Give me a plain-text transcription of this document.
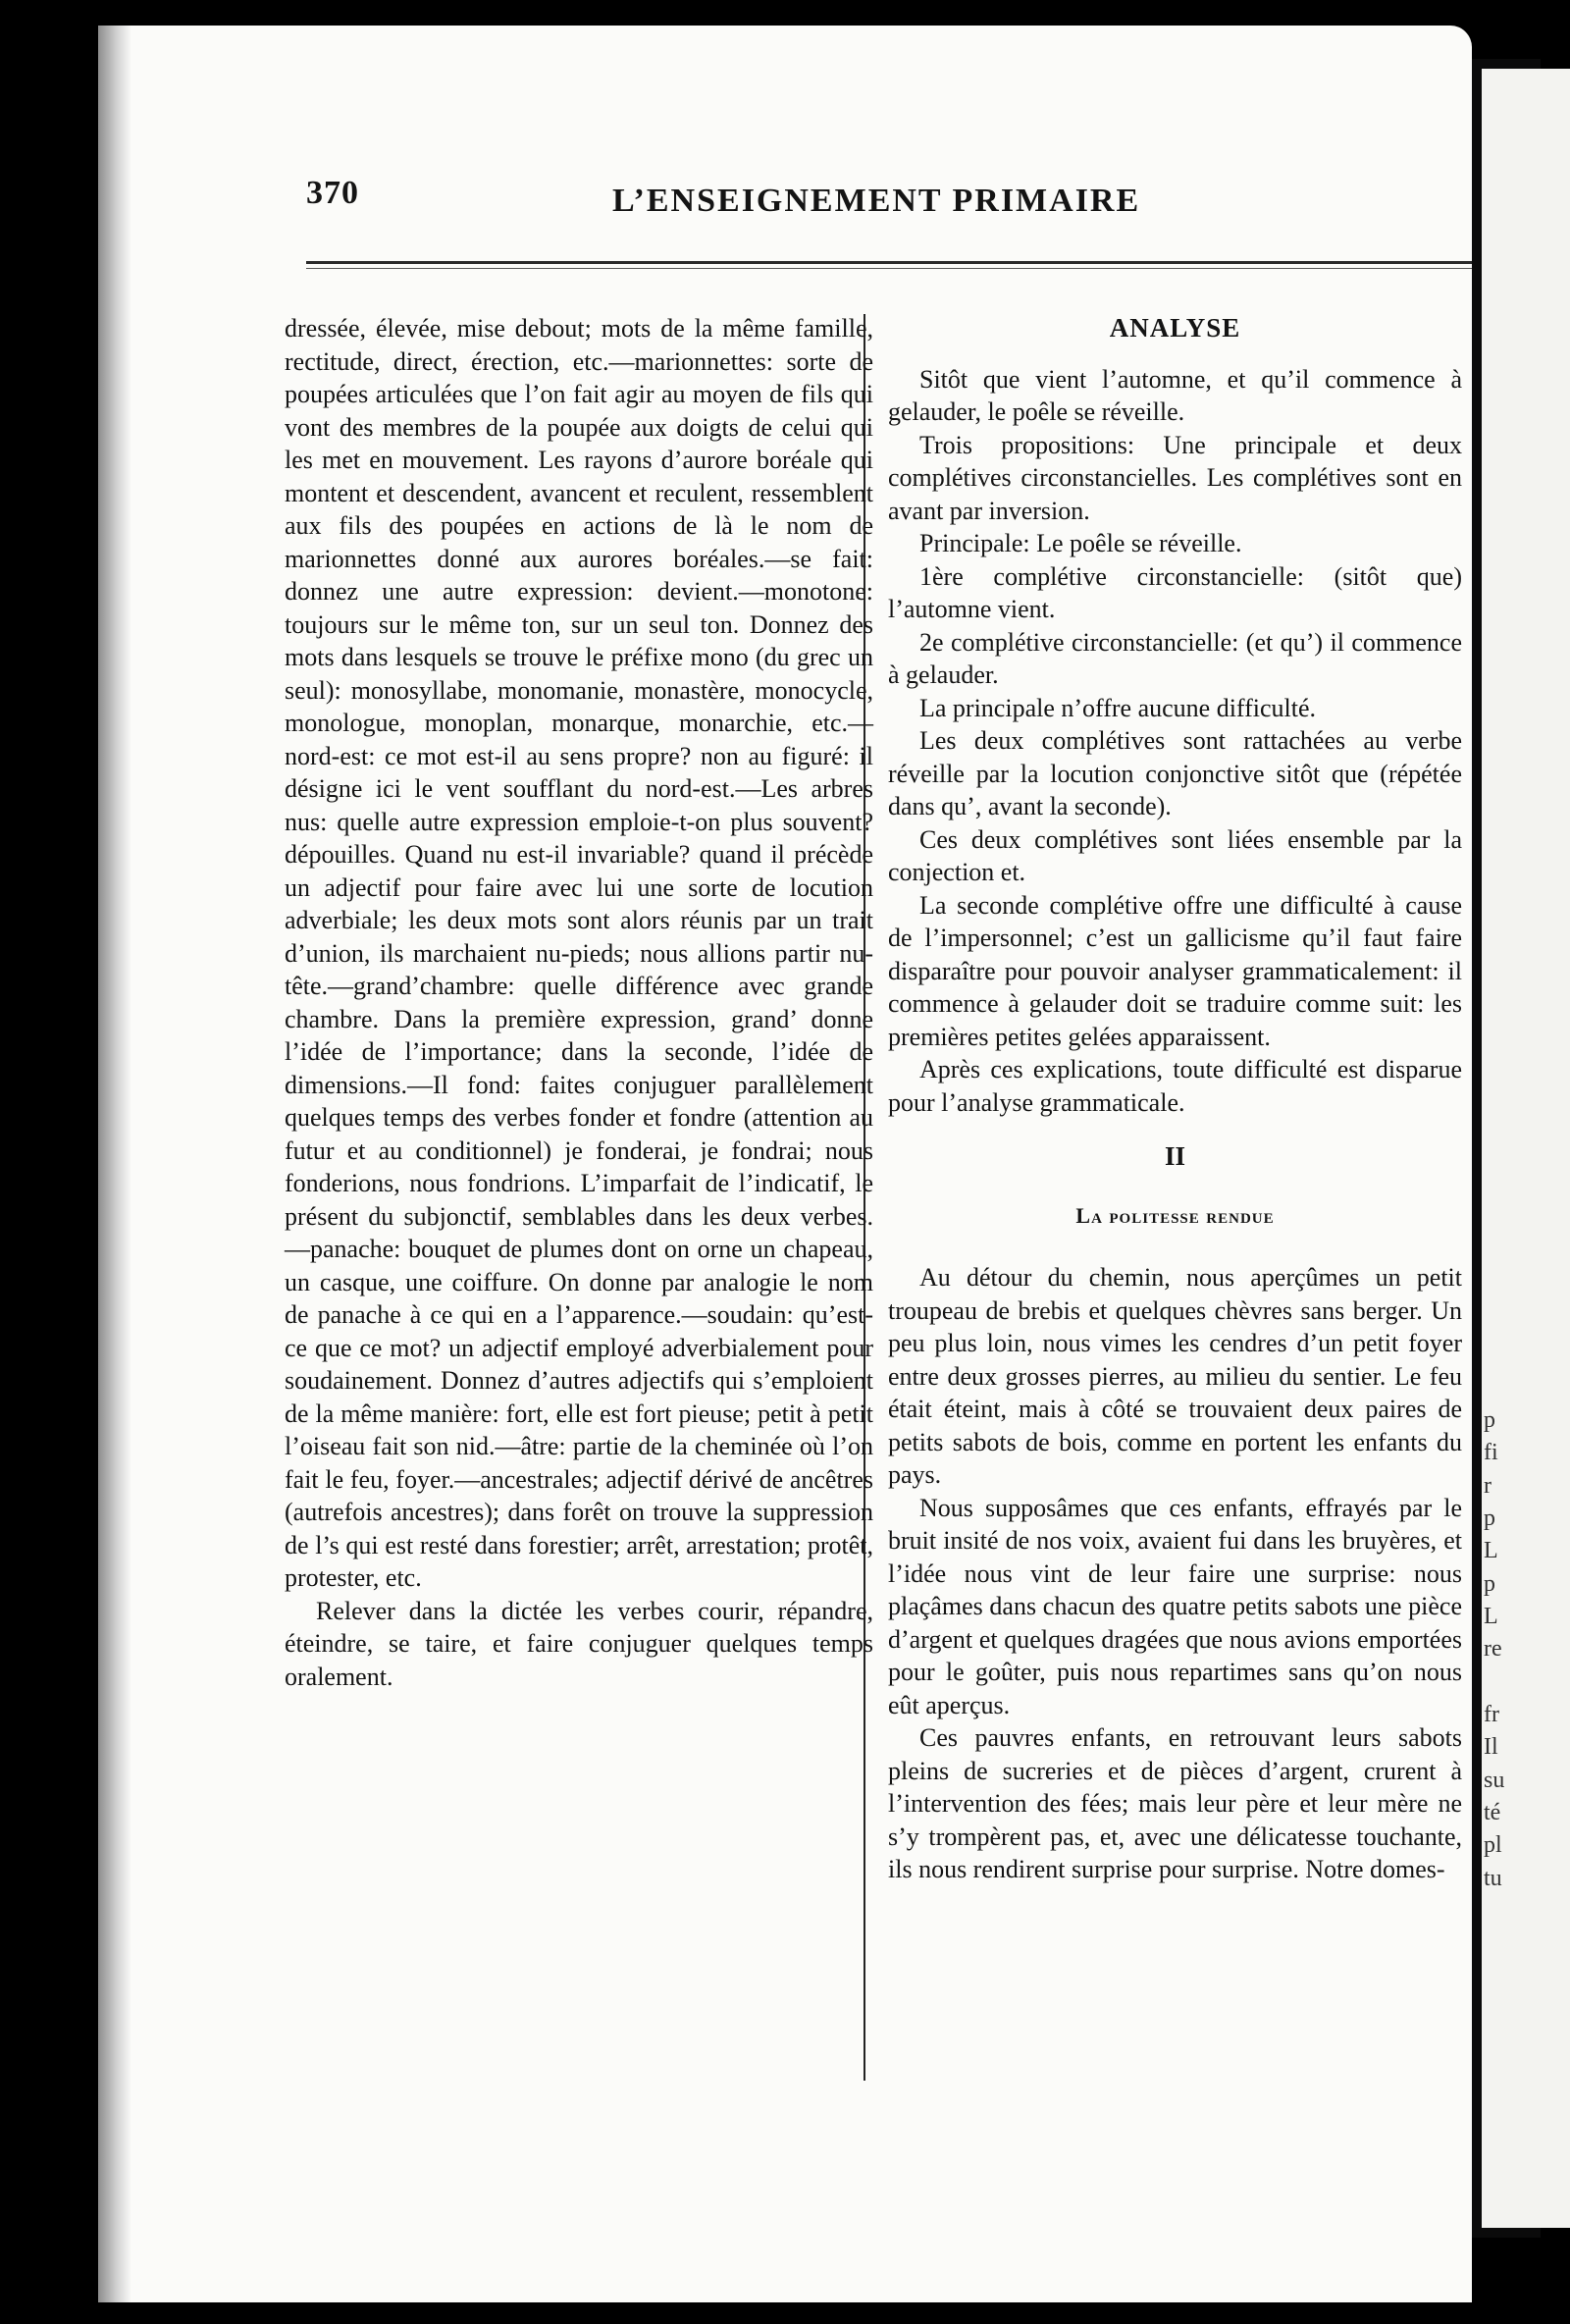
p
fi
r
p
L
p
L
re
fr
Il
su
té
pl
tu
370	L’ENSEIGNEMENT PRIMAIRE

dressée, élevée, mise debout; mots de la même famille, rectitude, direct, érection, etc.—marionnettes: sorte de poupées articulées que l’on fait agir au moyen de fils qui vont des membres de la poupée aux doigts de celui qui les met en mouvement. Les rayons d’aurore boréale qui montent et descendent, avancent et reculent, ressemblent aux fils des poupées en actions de là le nom de marionnettes donné aux aurores boréales.—se fait: donnez une autre expression: devient.—monotone: toujours sur le même ton, sur un seul ton. Donnez des mots dans lesquels se trouve le préfixe mono (du grec un seul): monosyllabe, monomanie, monastère, monocycle, monologue, monoplan, monarque, monarchie, etc.—nord-est: ce mot est-il au sens propre? non au figuré: il désigne ici le vent soufflant du nord-est.—Les arbres nus: quelle autre expression emploie-t-on plus souvent? dépouilles. Quand nu est-il invariable? quand il précède un adjectif pour faire avec lui une sorte de locution adverbiale; les deux mots sont alors réunis par un trait d’union, ils marchaient nu-pieds; nous allions partir nu-tête.—grand’chambre: quelle différence avec grande chambre. Dans la première expression, grand’ donne l’idée de l’importance; dans la seconde, l’idée de dimensions.—Il fond: faites conjuguer parallèlement quelques temps des verbes fonder et fondre (attention au futur et au conditionnel) je fonderai, je fondrai; nous fonderions, nous fondrions. L’imparfait de l’indicatif, le présent du subjonctif, semblables dans les deux verbes.—panache: bouquet de plumes dont on orne un chapeau, un casque, une coiffure. On donne par analogie le nom de panache à ce qui en a l’apparence.—soudain: qu’est-ce que ce mot? un adjectif employé adverbialement pour soudainement. Donnez d’autres adjectifs qui s’emploient de la même manière: fort, elle est fort pieuse; petit à petit l’oiseau fait son nid.—âtre: partie de la cheminée où l’on fait le feu, foyer.—ancestrales; adjectif dérivé de ancêtres (autrefois ancestres); dans forêt on trouve la suppression de l’s qui est resté dans forestier; arrêt, arrestation; protêt, protester, etc.

Relever dans la dictée les verbes courir, répandre, éteindre, se taire, et faire conjuguer quelques temps oralement.

ANALYSE

Sitôt que vient l’automne, et qu’il commence à gelauder, le poêle se réveille.

Trois propositions: Une principale et deux complétives circonstancielles. Les complétives sont en avant par inversion.

Principale: Le poêle se réveille.

1ère complétive circonstancielle: (sitôt que) l’automne vient.

2e complétive circonstancielle: (et qu’) il commence à gelauder.

La principale n’offre aucune difficulté.

Les deux complétives sont rattachées au verbe réveille par la locution conjonctive sitôt que (répétée dans qu’, avant la seconde).

Ces deux complétives sont liées ensemble par la conjection et.

La seconde complétive offre une difficulté à cause de l’impersonnel; c’est un gallicisme qu’il faut faire disparaître pour pouvoir analyser grammaticalement: il commence à gelauder doit se traduire comme suit: les premières petites gelées apparaissent.

Après ces explications, toute difficulté est disparue pour l’analyse grammaticale.

II
La politesse rendue

Au détour du chemin, nous aperçûmes un petit troupeau de brebis et quelques chèvres sans berger. Un peu plus loin, nous vimes les cendres d’un petit foyer entre deux grosses pierres, au milieu du sentier. Le feu était éteint, mais à côté se trouvaient deux paires de petits sabots de bois, comme en portent les enfants du pays.

Nous supposâmes que ces enfants, effrayés par le bruit insité de nos voix, avaient fui dans les bruyères, et l’idée nous vint de leur faire une surprise: nous plaçâmes dans chacun des quatre petits sabots une pièce d’argent et quelques dragées que nous avions emportées pour le goûter, puis nous repartimes sans qu’on nous eût aperçus.

Ces pauvres enfants, en retrouvant leurs sabots pleins de sucreries et de pièces d’argent, crurent à l’intervention des fées; mais leur père et leur mère ne s’y trompèrent pas, et, avec une délicatesse touchante, ils nous rendirent surprise pour surprise. Notre domes-
